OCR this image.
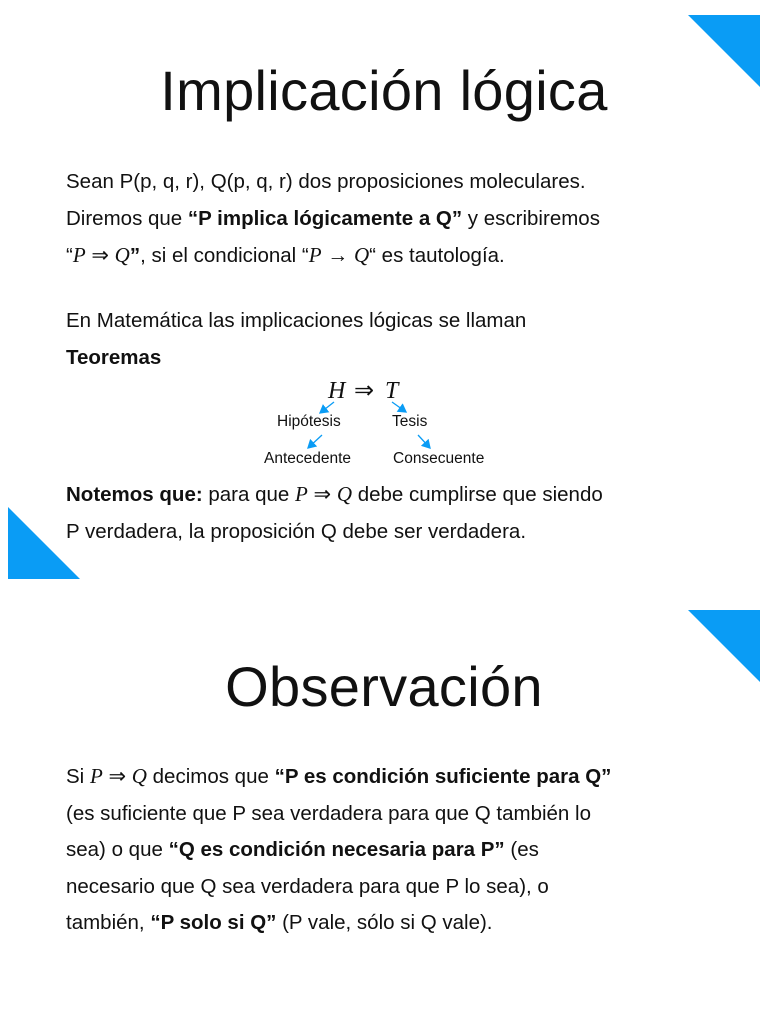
Implicación lógica
Sean P(p, q, r), Q(p, q, r) dos proposiciones moleculares.
Diremos que “P implica lógicamente a Q” y escribiremos
“P ⇒ Q”, si el condicional “P → Q“ es tautología.
En Matemática las implicaciones lógicas se llaman
Teoremas
H ⇒ T
Hipótesis	Tesis
Antecedente	Consecuente
Notemos que: para que P ⇒ Q debe cumplirse que siendo
P verdadera, la proposición Q debe ser verdadera.
Observación
Si P ⇒ Q decimos que “P es condición suficiente para Q”
(es suficiente que P sea verdadera para que Q también lo
sea) o que “Q es condición necesaria para P” (es
necesario que Q sea verdadera para que P lo sea), o
también, “P solo si Q” (P vale, sólo si Q vale).
